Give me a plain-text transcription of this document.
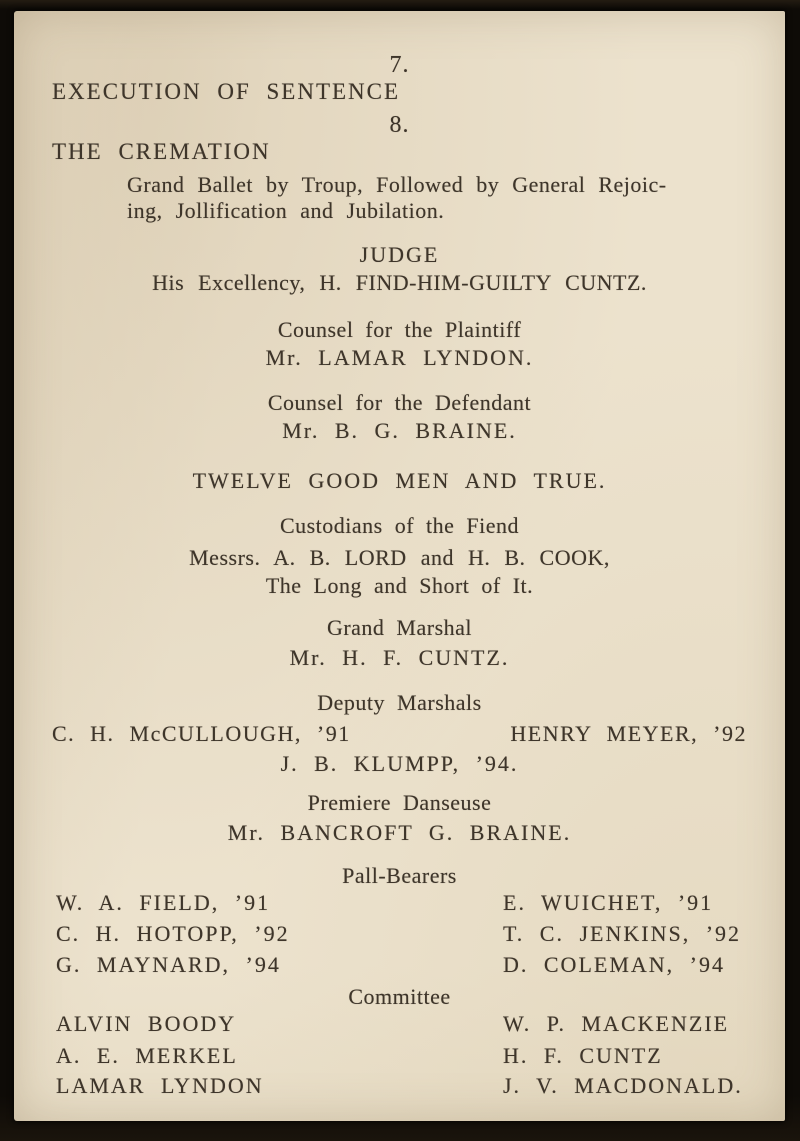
7.
EXECUTION OF SENTENCE
8.
THE CREMATION
Grand Ballet by Troup, Followed by General Rejoic-
ing, Jollification and Jubilation.
JUDGE
His Excellency, H. FIND-HIM-GUILTY CUNTZ.
Counsel for the Plaintiff
Mr. LAMAR LYNDON.
Counsel for the Defendant
Mr. B. G. BRAINE.
TWELVE GOOD MEN AND TRUE.
Custodians of the Fiend
Messrs. A. B. LORD and H. B. COOK,
The Long and Short of It.
Grand Marshal
Mr. H. F. CUNTZ.
Deputy Marshals
C. H. McCULLOUGH, ’91	HENRY MEYER, ’92
J. B. KLUMPP, ’94.
Premiere Danseuse
Mr. BANCROFT G. BRAINE.
Pall-Bearers
W. A. FIELD, ’91	E. WUICHET, ’91
C. H. HOTOPP, ’92	T. C. JENKINS, ’92
G. MAYNARD, ’94	D. COLEMAN, ’94
Committee
ALVIN BOODY	W. P. MACKENZIE
A. E. MERKEL	H. F. CUNTZ
LAMAR LYNDON	J. V. MACDONALD.
